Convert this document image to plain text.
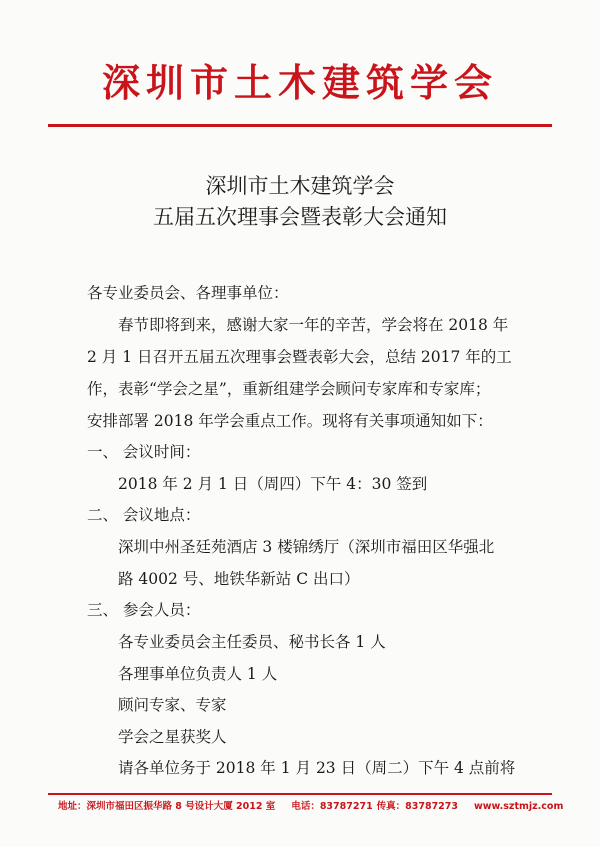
深圳市土木建筑学会
深圳市土木建筑学会
五届五次理事会暨表彰大会通知
各专业委员会、各理事单位：
春节即将到来，感谢大家一年的辛苦，学会将在 2018 年
2 月 1 日召开五届五次理事会暨表彰大会，总结 2017 年的工
作，表彰“学会之星”，重新组建学会顾问专家库和专家库；
安排部署 2018 年学会重点工作。现将有关事项通知如下：
一、 会议时间：
2018 年 2 月 1 日（周四）下午 4：30 签到
二、 会议地点：
深圳中州圣廷苑酒店 3 楼锦绣厅（深圳市福田区华强北
路 4002 号、地铁华新站 C 出口）
三、 参会人员：
各专业委员会主任委员、秘书长各 1 人
各理事单位负责人 1 人
顾问专家、专家
学会之星获奖人
请各单位务于 2018 年 1 月 23 日（周二）下午 4 点前将
地址：深圳市福田区振华路 8 号设计大厦 2012 室 电话：83787271 传真：83787273 www.sztmjz.com
